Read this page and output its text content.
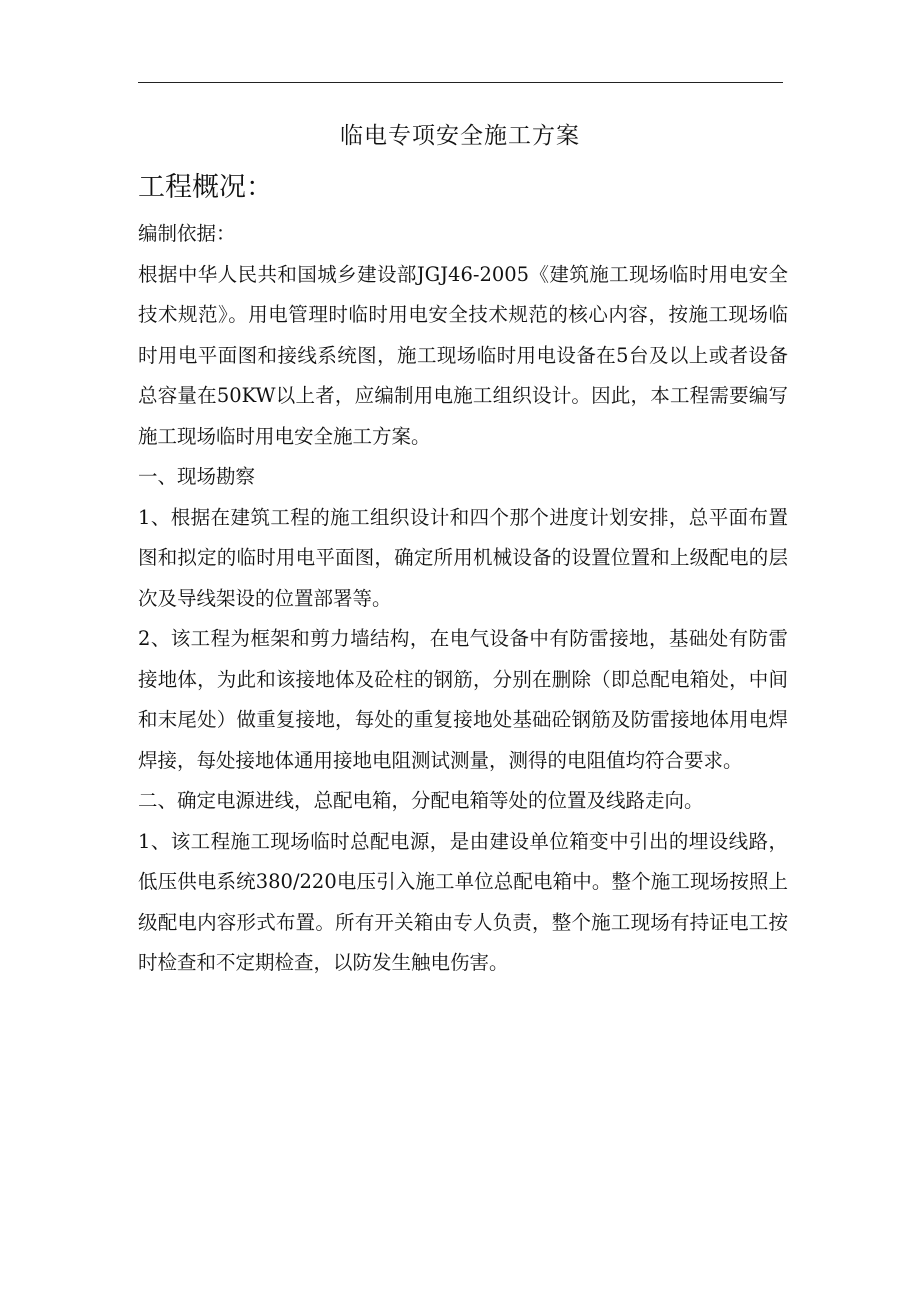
临电专项安全施工方案
工程概况：

编制依据：

根据中华人民共和国城乡建设部JGJ46-2005《建筑施工现场临时用电安全技术规范》。用电管理时临时用电安全技术规范的核心内容，按施工现场临时用电平面图和接线系统图，施工现场临时用电设备在5台及以上或者设备总容量在50KW以上者，应编制用电施工组织设计。因此，本工程需要编写施工现场临时用电安全施工方案。

一、现场勘察

1、根据在建筑工程的施工组织设计和四个那个进度计划安排，总平面布置图和拟定的临时用电平面图，确定所用机械设备的设置位置和上级配电的层次及导线架设的位置部署等。

2、该工程为框架和剪力墙结构，在电气设备中有防雷接地，基础处有防雷接地体，为此和该接地体及砼柱的钢筋，分别在删除（即总配电箱处，中间和末尾处）做重复接地，每处的重复接地处基础砼钢筋及防雷接地体用电焊焊接，每处接地体通用接地电阻测试测量，测得的电阻值均符合要求。

二、确定电源进线，总配电箱，分配电箱等处的位置及线路走向。

1、该工程施工现场临时总配电源，是由建设单位箱变中引出的埋设线路，低压供电系统380/220电压引入施工单位总配电箱中。整个施工现场按照上级配电内容形式布置。所有开关箱由专人负责，整个施工现场有持证电工按时检查和不定期检查，以防发生触电伤害。
